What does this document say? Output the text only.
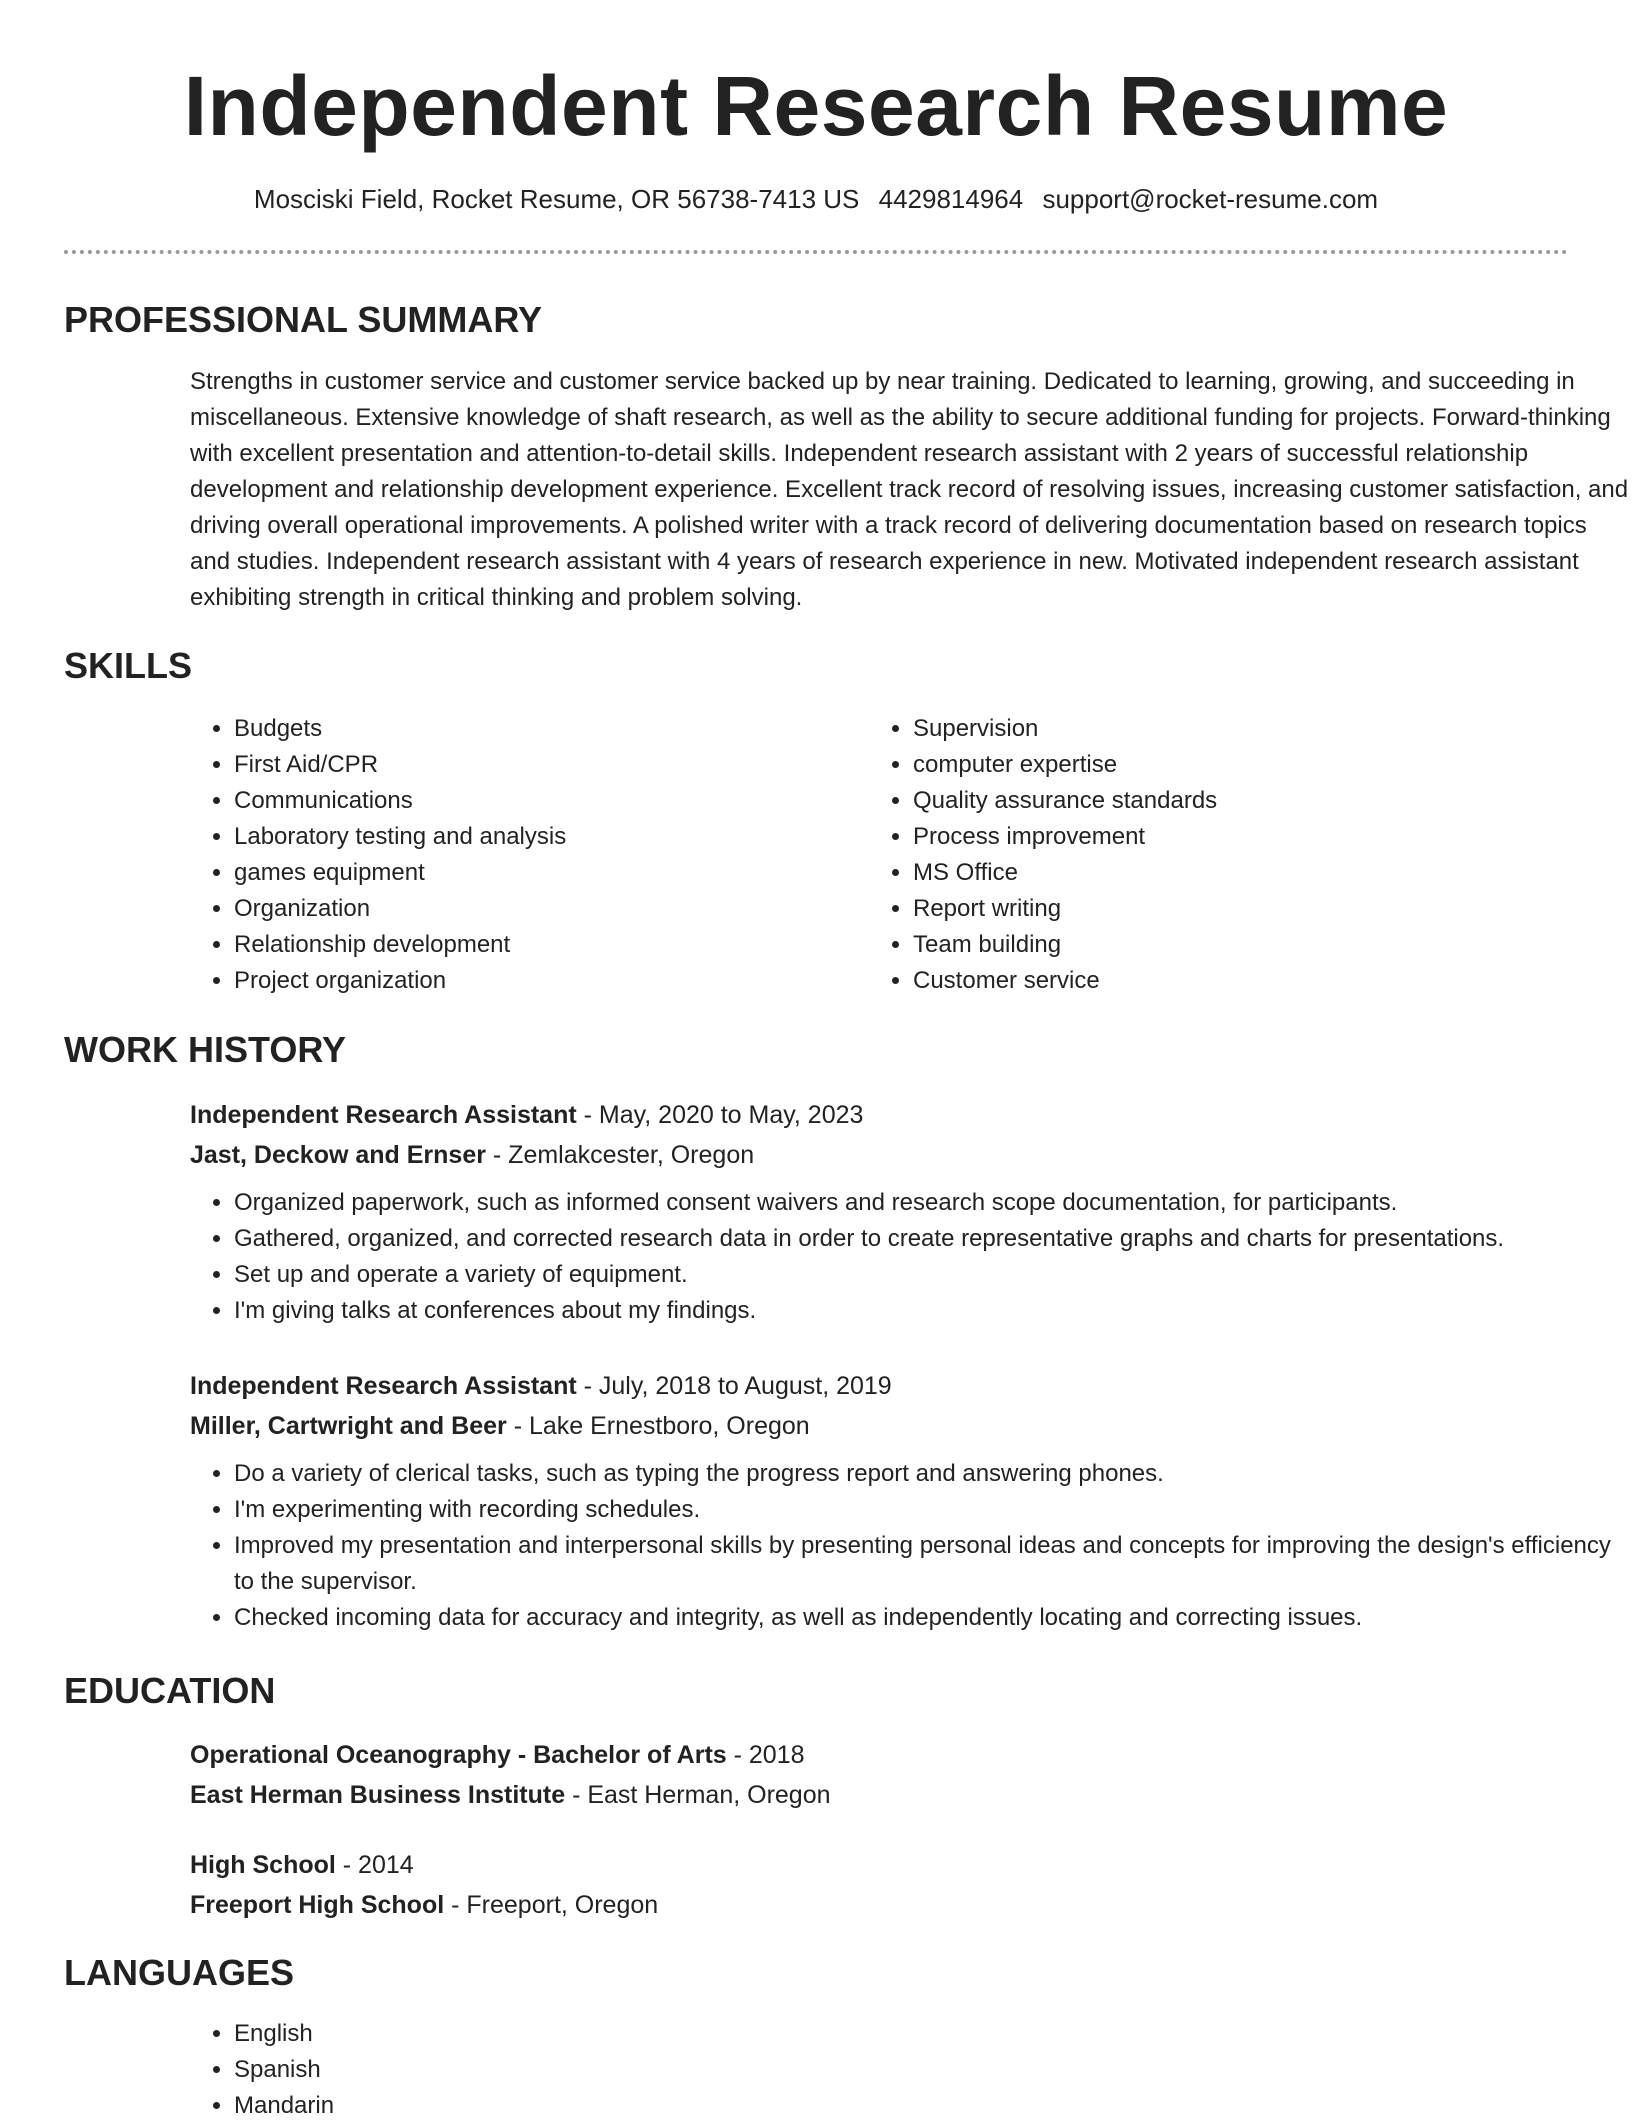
Independent Research Resume
Mosciski Field, Rocket Resume, OR 56738-7413 US 4429814964 support@rocket-resume.com
PROFESSIONAL SUMMARY

Strengths in customer service and customer service backed up by near training. Dedicated to learning, growing, and succeeding in miscellaneous. Extensive knowledge of shaft research, as well as the ability to secure additional funding for projects. Forward-thinking with excellent presentation and attention-to-detail skills. Independent research assistant with 2 years of successful relationship development and relationship development experience. Excellent track record of resolving issues, increasing customer satisfaction, and driving overall operational improvements. A polished writer with a track record of delivering documentation based on research topics and studies. Independent research assistant with 4 years of research experience in new. Motivated independent research assistant exhibiting strength in critical thinking and problem solving.

SKILLS
• Budgets
• First Aid/CPR
• Communications
• Laboratory testing and analysis
• games equipment
• Organization
• Relationship development
• Project organization
• Supervision
• computer expertise
• Quality assurance standards
• Process improvement
• MS Office
• Report writing
• Team building
• Customer service
WORK HISTORY
Independent Research Assistant - May, 2020 to May, 2023
Jast, Deckow and Ernser - Zemlakcester, Oregon
• Organized paperwork, such as informed consent waivers and research scope documentation, for participants.
• Gathered, organized, and corrected research data in order to create representative graphs and charts for presentations.
• Set up and operate a variety of equipment.
• I'm giving talks at conferences about my findings.
Independent Research Assistant - July, 2018 to August, 2019
Miller, Cartwright and Beer - Lake Ernestboro, Oregon
• Do a variety of clerical tasks, such as typing the progress report and answering phones.
• I'm experimenting with recording schedules.
• Improved my presentation and interpersonal skills by presenting personal ideas and concepts for improving the design's efficiency to the supervisor.
• Checked incoming data for accuracy and integrity, as well as independently locating and correcting issues.
EDUCATION
Operational Oceanography - Bachelor of Arts - 2018
East Herman Business Institute - East Herman, Oregon
High School - 2014
Freeport High School - Freeport, Oregon
LANGUAGES
• English
• Spanish
• Mandarin
